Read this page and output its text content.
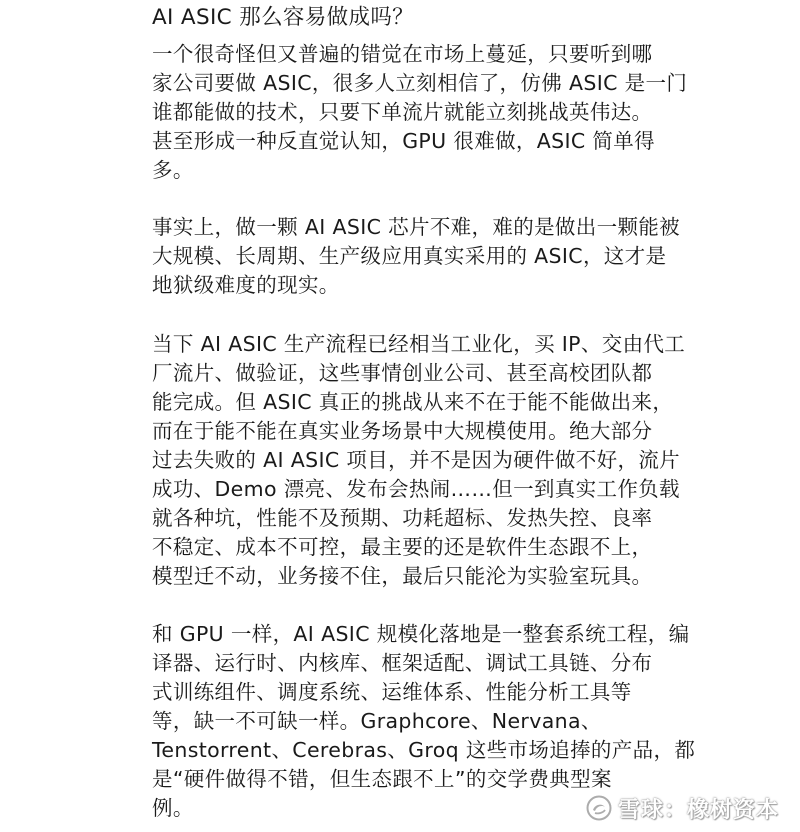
AI ASIC 那么容易做成吗？
一个很奇怪但又普遍的错觉在市场上蔓延，只要听到哪
家公司要做 ASIC，很多人立刻相信了，仿佛 ASIC 是一门
谁都能做的技术，只要下单流片就能立刻挑战英伟达。
甚至形成一种反直觉认知，GPU 很难做，ASIC 简单得
多。
事实上，做一颗 AI ASIC 芯片不难，难的是做出一颗能被
大规模、长周期、生产级应用真实采用的 ASIC，这才是
地狱级难度的现实。
当下 AI ASIC 生产流程已经相当工业化，买 IP、交由代工
厂流片、做验证，这些事情创业公司、甚至高校团队都
能完成。但 ASIC 真正的挑战从来不在于能不能做出来，
而在于能不能在真实业务场景中大规模使用。绝大部分
过去失败的 AI ASIC 项目，并不是因为硬件做不好，流片
成功、Demo 漂亮、发布会热闹……但一到真实工作负载
就各种坑，性能不及预期、功耗超标、发热失控、良率
不稳定、成本不可控，最主要的还是软件生态跟不上，
模型迁不动，业务接不住，最后只能沦为实验室玩具。
和 GPU 一样，AI ASIC 规模化落地是一整套系统工程，编
译器、运行时、内核库、框架适配、调试工具链、分布
式训练组件、调度系统、运维体系、性能分析工具等
等，缺一不可缺一样。Graphcore、Nervana、
Tenstorrent、Cerebras、Groq 这些市场追捧的产品，都
是“硬件做得不错，但生态跟不上”的交学费典型案
例。	雪球：橡树资本
